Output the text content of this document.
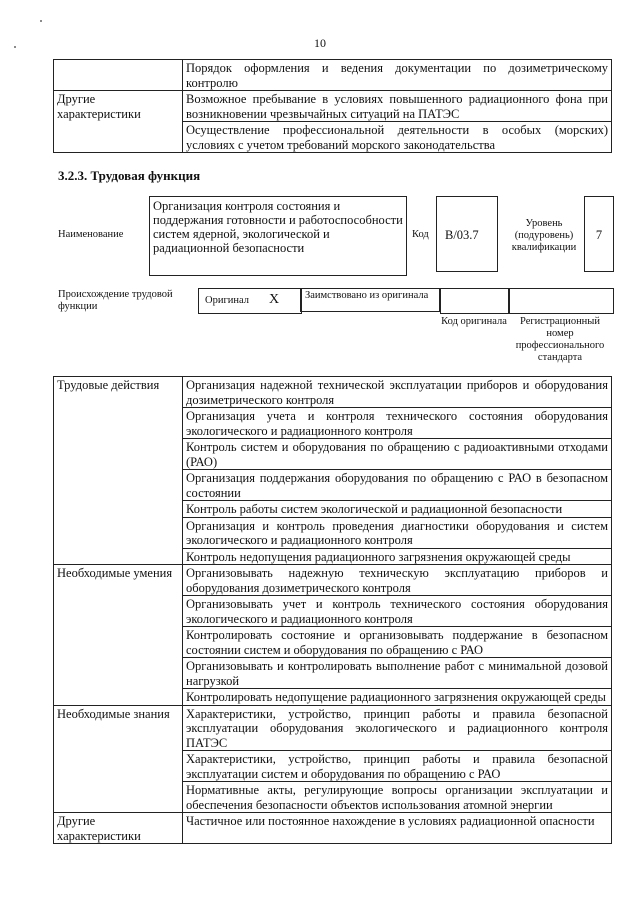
10
	Порядок оформления и ведения документации по дозиметрическому контролю
Другие характеристики	Возможное пребывание в условиях повышенного радиационного фона при возникновении чрезвычайных ситуаций на ПАТЭС
	Осуществление профессиональной деятельности в особых (морских) условиях с учетом требований морского законодательства
3.2.3. Трудовая функция
Наименование
Организация контроля состояния и поддержания готовности и работоспособности систем ядерной, экологической и радиационной безопасности
Код B/03.7
Уровень (подуровень) квалификации
7
Происхождение трудовой функции
Оригинал X	Заимствовано из оригинала
Код оригинала	Регистрационный номер профессионального стандарта
Трудовые действия	Организация надежной технической эксплуатации приборов и оборудования дозиметрического контроля
	Организация учета и контроля технического состояния оборудования экологического и радиационного контроля
	Контроль систем и оборудования по обращению с радиоактивными отходами (РАО)
	Организация поддержания оборудования по обращению с РАО в безопасном состоянии
	Контроль работы систем экологической и радиационной безопасности
	Организация и контроль проведения диагностики оборудования и систем экологического и радиационного контроля
	Контроль недопущения радиационного загрязнения окружающей среды
Необходимые умения	Организовывать надежную техническую эксплуатацию приборов и оборудования дозиметрического контроля
	Организовывать учет и контроль технического состояния оборудования экологического и радиационного контроля
	Контролировать состояние и организовывать поддержание в безопасном состоянии систем и оборудования по обращению с РАО
	Организовывать и контролировать выполнение работ с минимальной дозовой нагрузкой
	Контролировать недопущение радиационного загрязнения окружающей среды
Необходимые знания	Характеристики, устройство, принцип работы и правила безопасной эксплуатации оборудования экологического и радиационного контроля ПАТЭС
	Характеристики, устройство, принцип работы и правила безопасной эксплуатации систем и оборудования по обращению с РАО
	Нормативные акты, регулирующие вопросы организации эксплуатации и обеспечения безопасности объектов использования атомной энергии
Другие характеристики	Частичное или постоянное нахождение в условиях радиационной опасности
